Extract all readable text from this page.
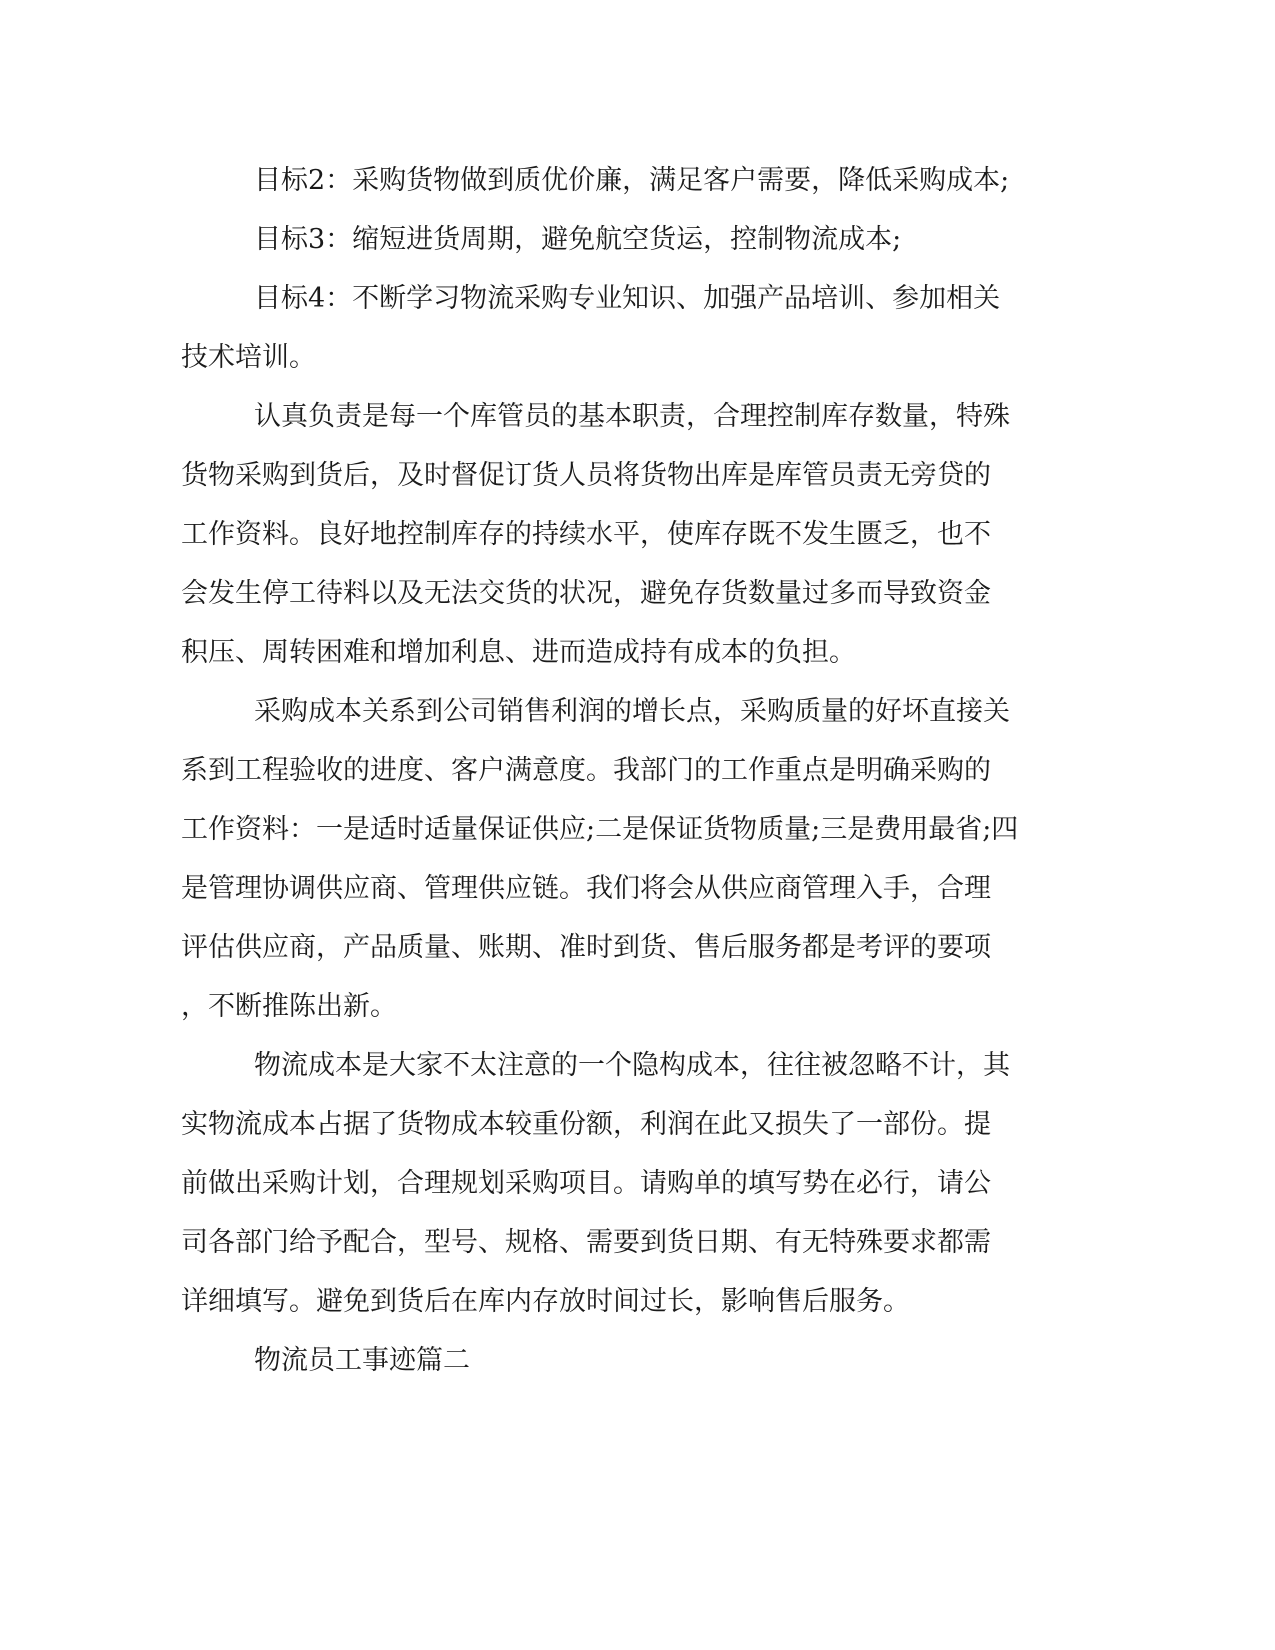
目标2：采购货物做到质优价廉，满足客户需要，降低采购成本;
目标3：缩短进货周期，避免航空货运，控制物流成本;
目标4：不断学习物流采购专业知识、加强产品培训、参加相关
技术培训。
认真负责是每一个库管员的基本职责，合理控制库存数量，特殊
货物采购到货后，及时督促订货人员将货物出库是库管员责无旁贷的
工作资料。良好地控制库存的持续水平，使库存既不发生匮乏，也不
会发生停工待料以及无法交货的状况，避免存货数量过多而导致资金
积压、周转困难和增加利息、进而造成持有成本的负担。
采购成本关系到公司销售利润的增长点，采购质量的好坏直接关
系到工程验收的进度、客户满意度。我部门的工作重点是明确采购的
工作资料：一是适时适量保证供应;二是保证货物质量;三是费用最省;四
是管理协调供应商、管理供应链。我们将会从供应商管理入手，合理
评估供应商，产品质量、账期、准时到货、售后服务都是考评的要项
，不断推陈出新。
物流成本是大家不太注意的一个隐构成本，往往被忽略不计，其
实物流成本占据了货物成本较重份额，利润在此又损失了一部份。提
前做出采购计划，合理规划采购项目。请购单的填写势在必行，请公
司各部门给予配合，型号、规格、需要到货日期、有无特殊要求都需
详细填写。避免到货后在库内存放时间过长，影响售后服务。
物流员工事迹篇二
